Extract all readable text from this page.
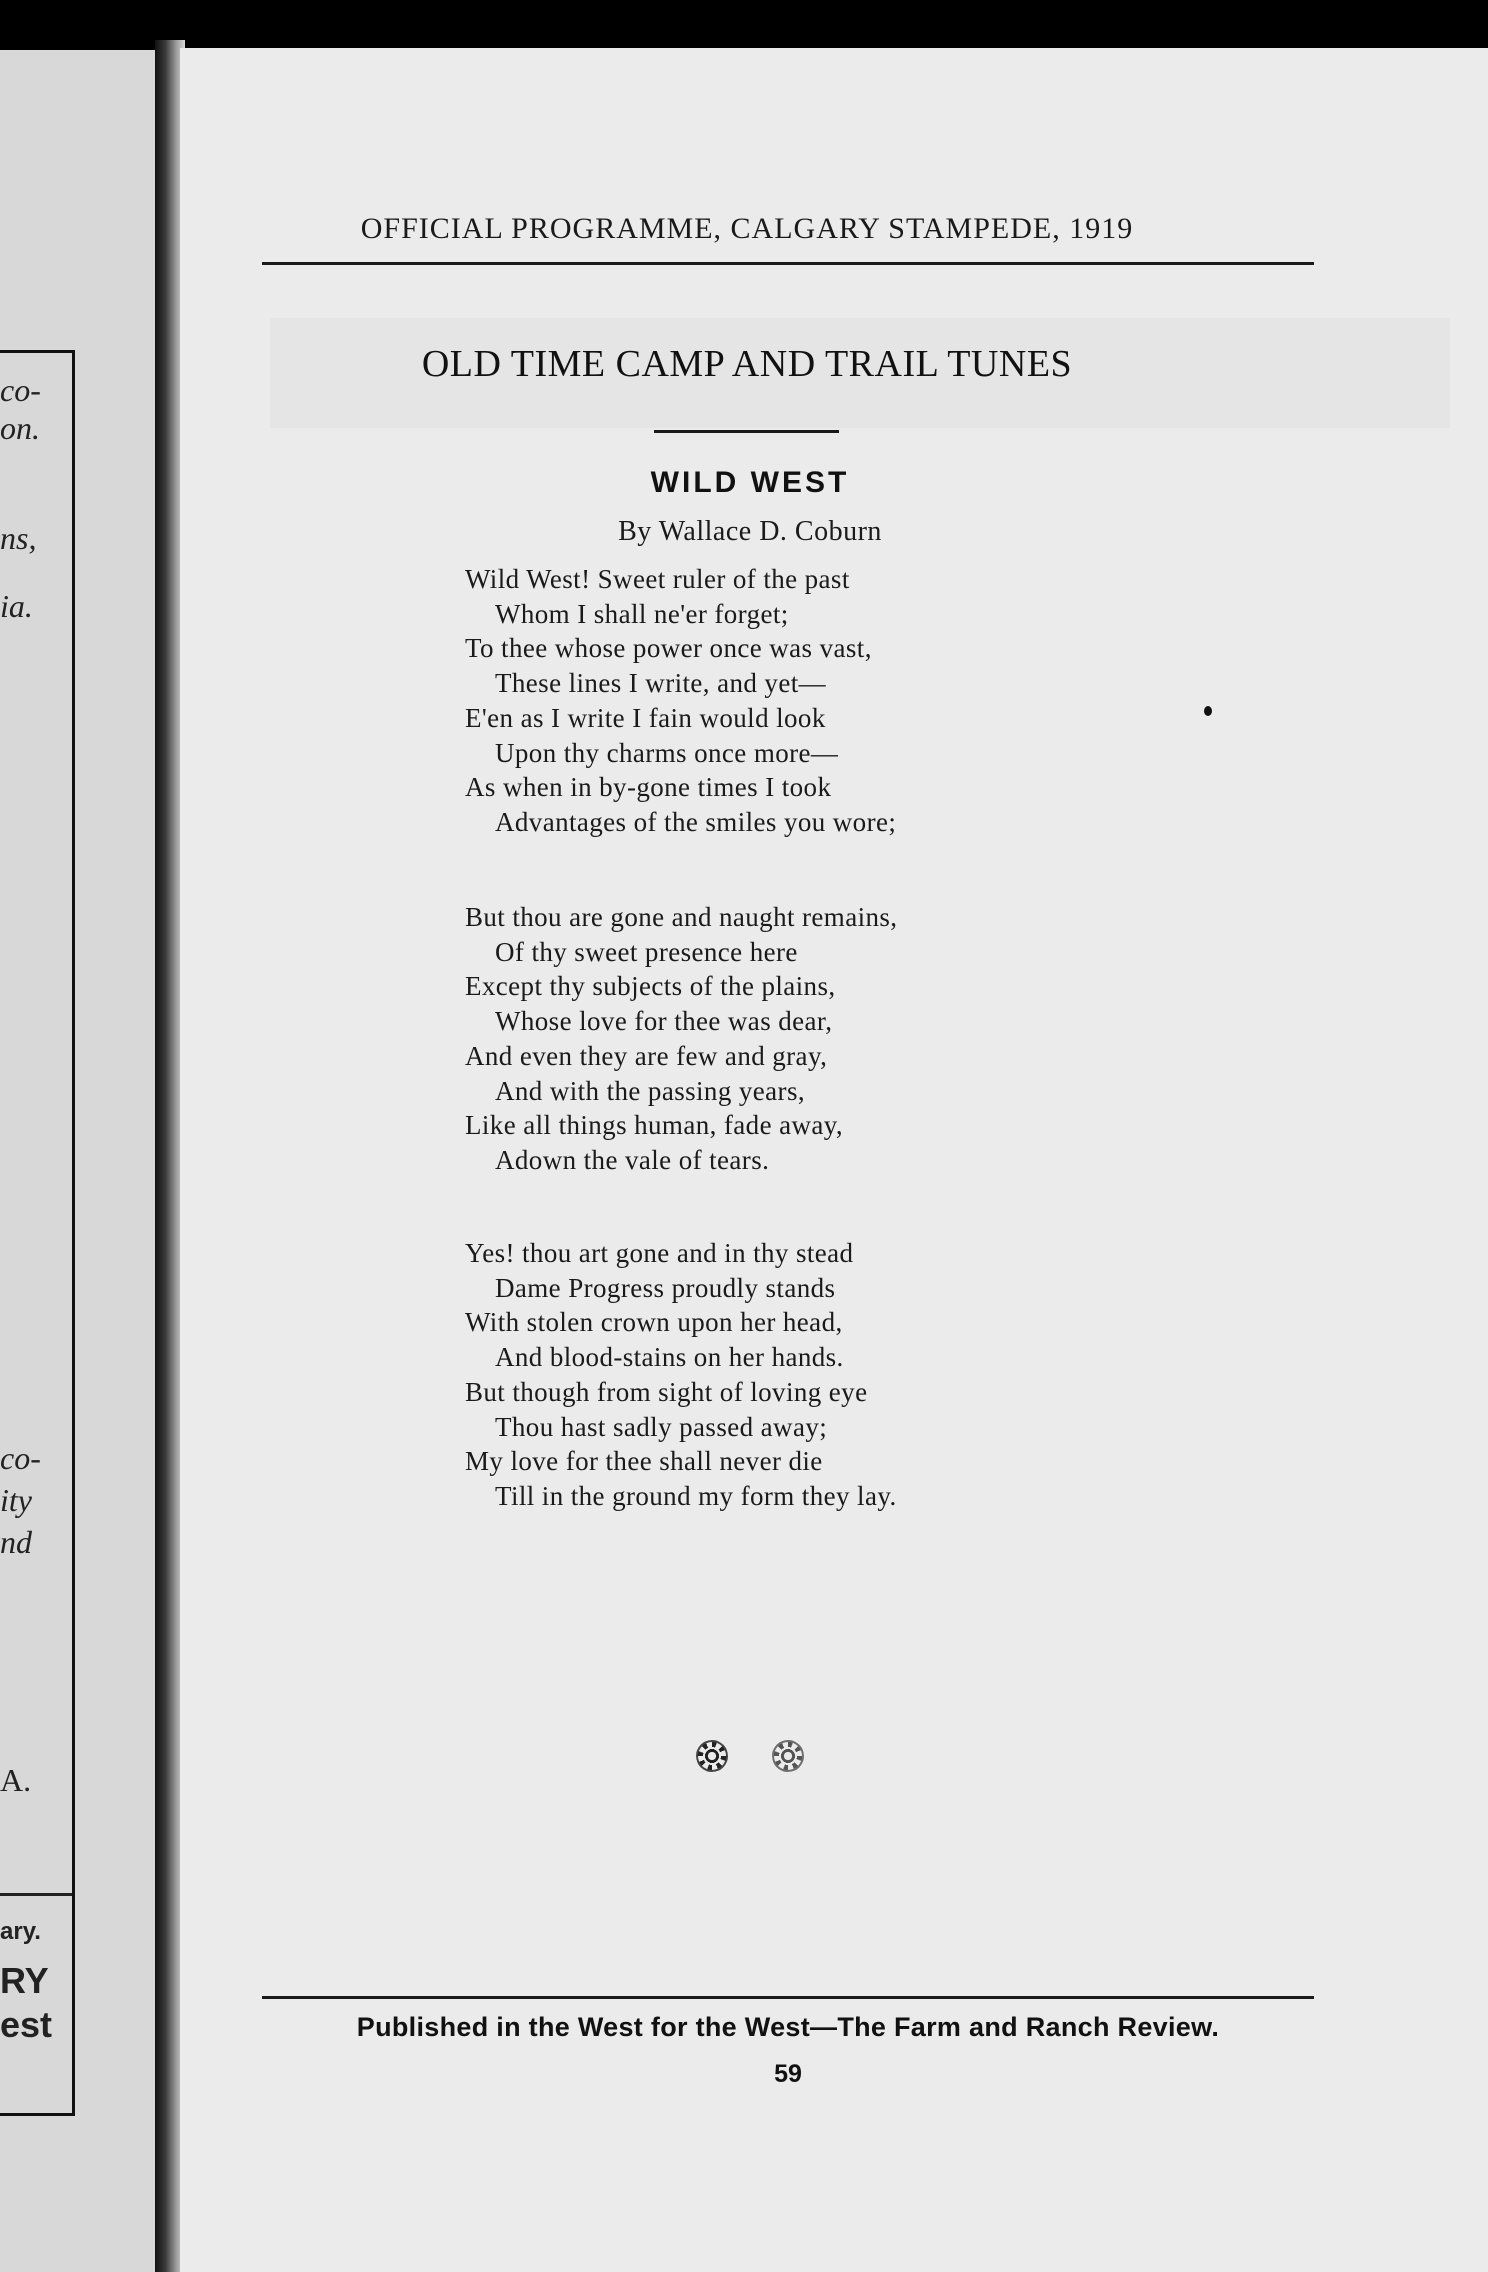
co-
on.
ns,
ia.
co-
ity
nd
A.
ary.
RY
est
OFFICIAL PROGRAMME, CALGARY STAMPEDE, 1919
OLD TIME CAMP AND TRAIL TUNES
WILD WEST
By Wallace D. Coburn
Wild West! Sweet ruler of the past
Whom I shall ne'er forget;
To thee whose power once was vast,
These lines I write, and yet—
E'en as I write I fain would look
Upon thy charms once more—
As when in by-gone times I took
Advantages of the smiles you wore;
But thou are gone and naught remains,
Of thy sweet presence here
Except thy subjects of the plains,
Whose love for thee was dear,
And even they are few and gray,
And with the passing years,
Like all things human, fade away,
Adown the vale of tears.
Yes! thou art gone and in thy stead
Dame Progress proudly stands
With stolen crown upon her head,
And blood-stains on her hands.
But though from sight of loving eye
Thou hast sadly passed away;
My love for thee shall never die
Till in the ground my form they lay.
Published in the West for the West—The Farm and Ranch Review.
59
